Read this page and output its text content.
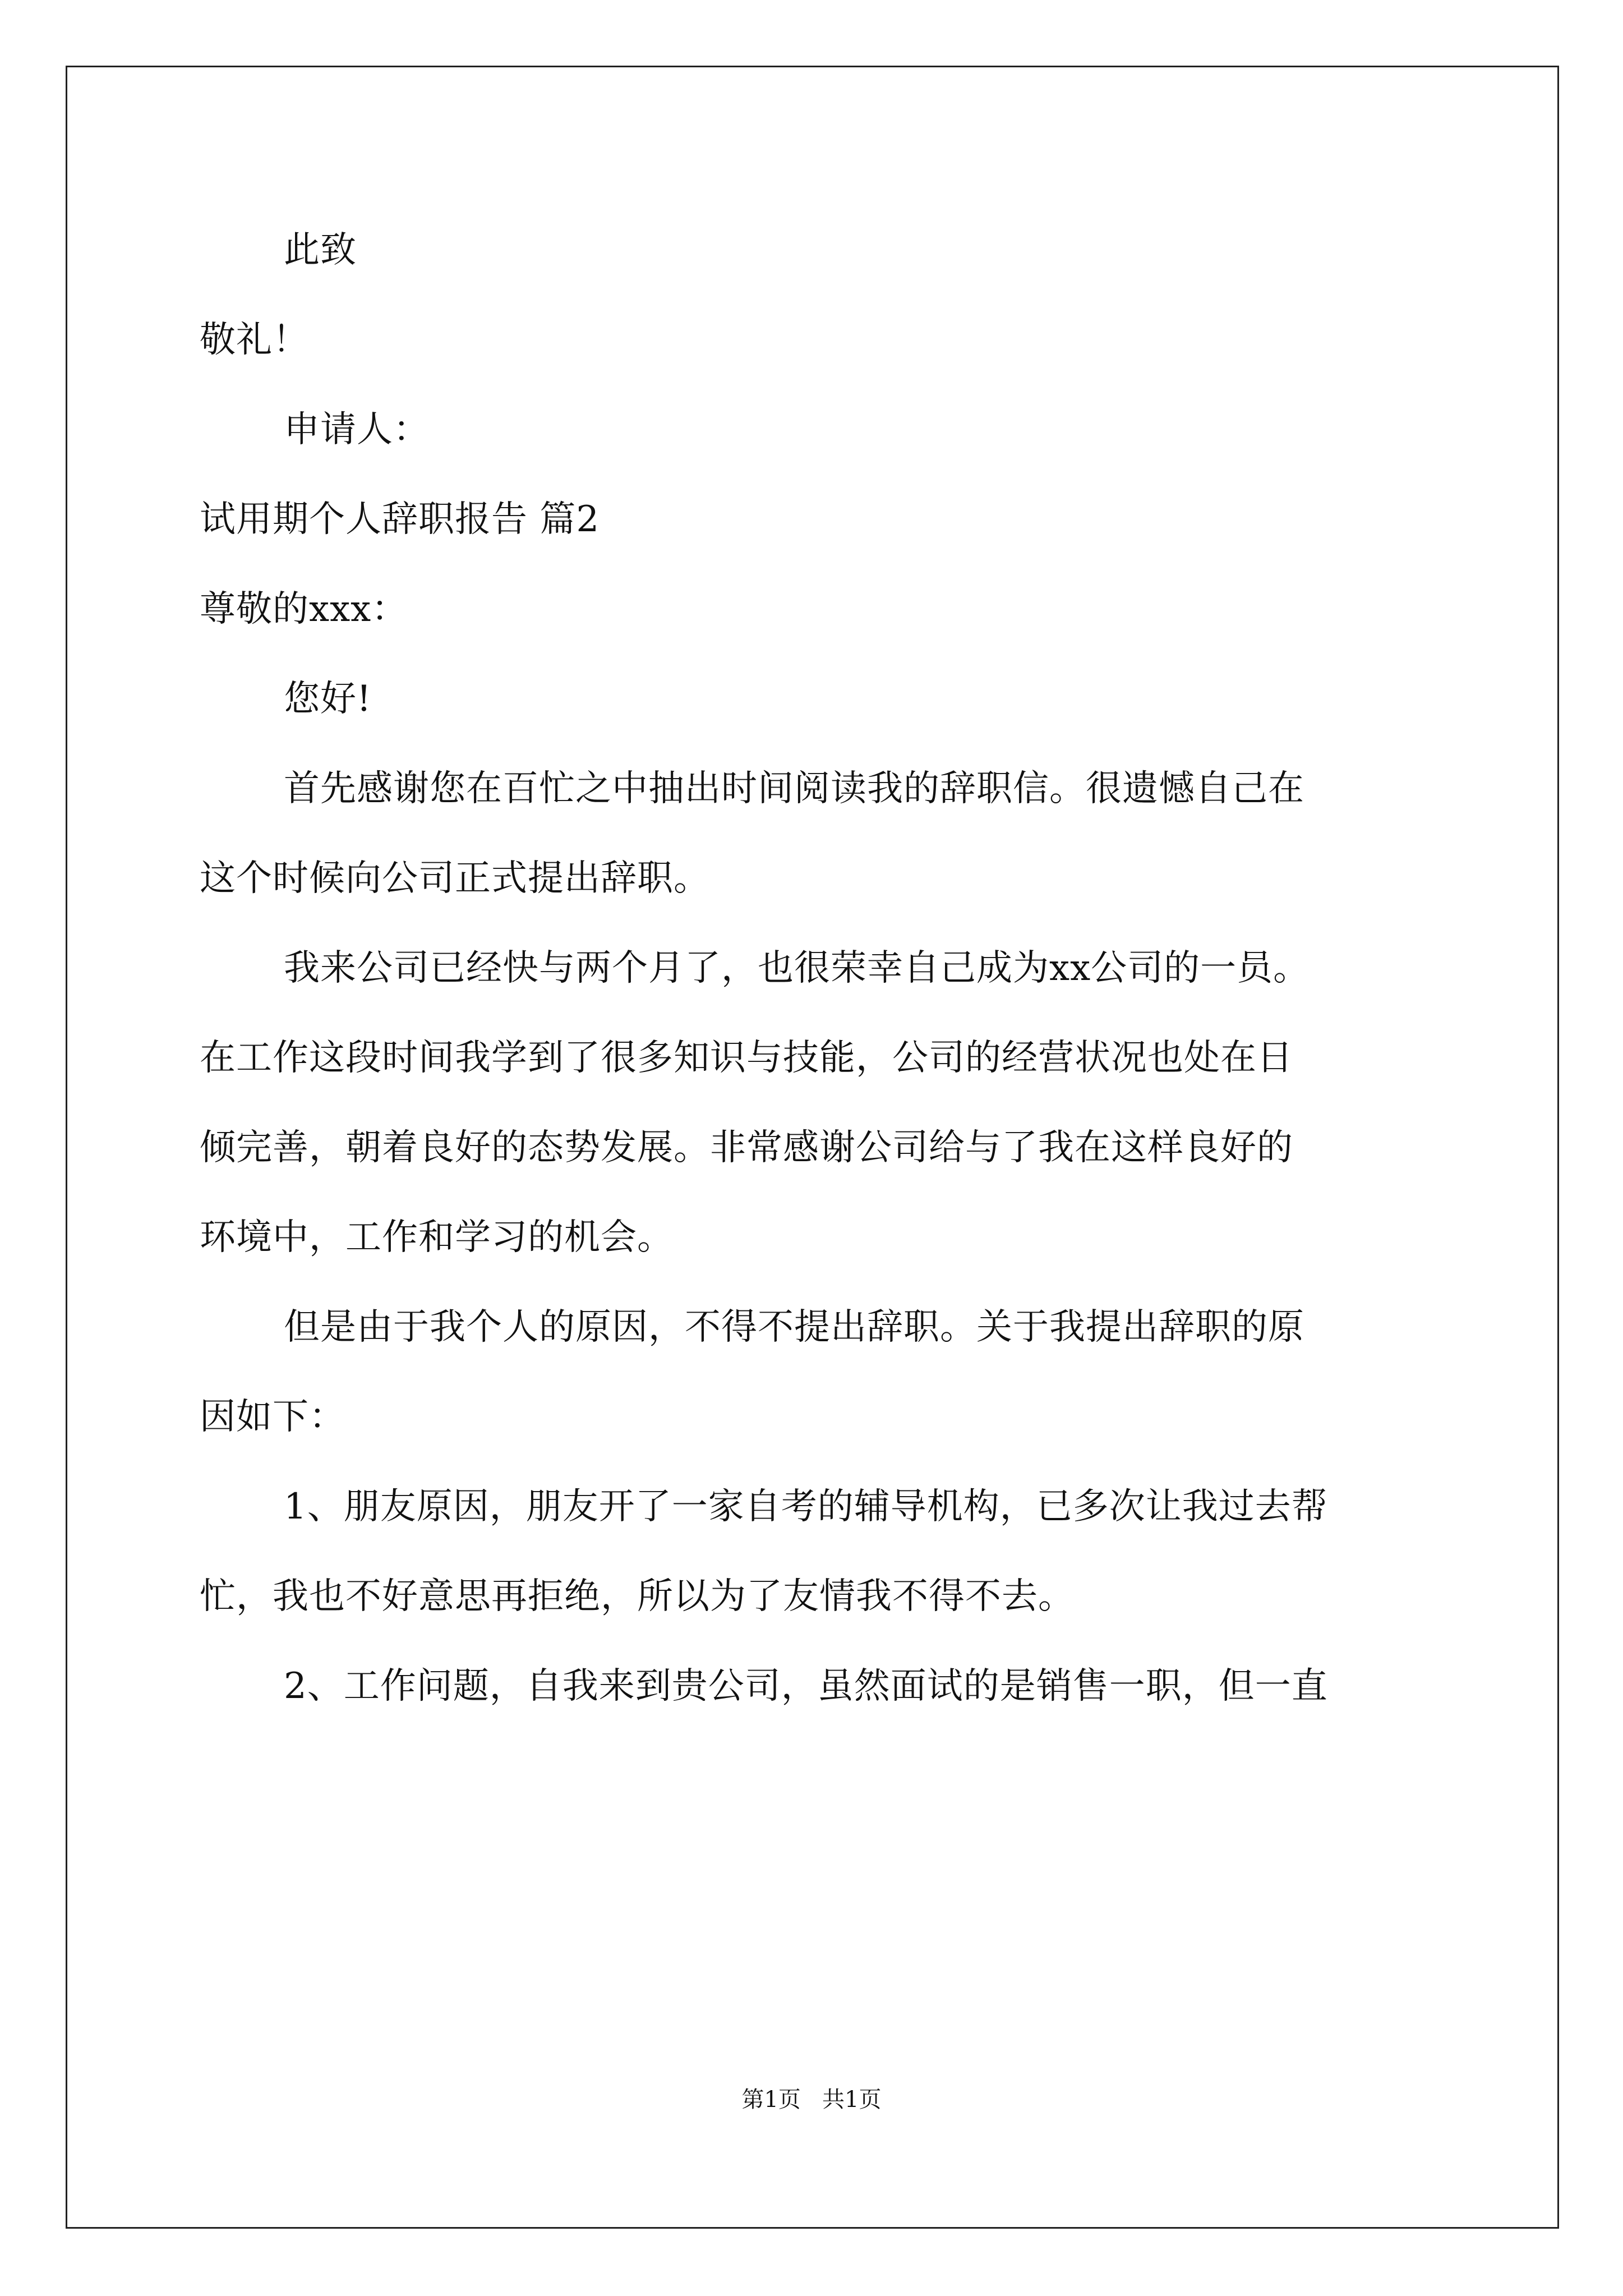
此致
敬礼！
申请人：
试用期个人辞职报告 篇2
尊敬的xxx：
您好!
首先感谢您在百忙之中抽出时间阅读我的辞职信。很遗憾自己在
这个时候向公司正式提出辞职。
我来公司已经快与两个月了，也很荣幸自己成为xx公司的一员。
在工作这段时间我学到了很多知识与技能，公司的经营状况也处在日
倾完善，朝着良好的态势发展。非常感谢公司给与了我在这样良好的
环境中，工作和学习的机会。
但是由于我个人的原因，不得不提出辞职。关于我提出辞职的原
因如下：
1、朋友原因，朋友开了一家自考的辅导机构，已多次让我过去帮
忙，我也不好意思再拒绝，所以为了友情我不得不去。
2、工作问题，自我来到贵公司，虽然面试的是销售一职，但一直
第1页   共1页
